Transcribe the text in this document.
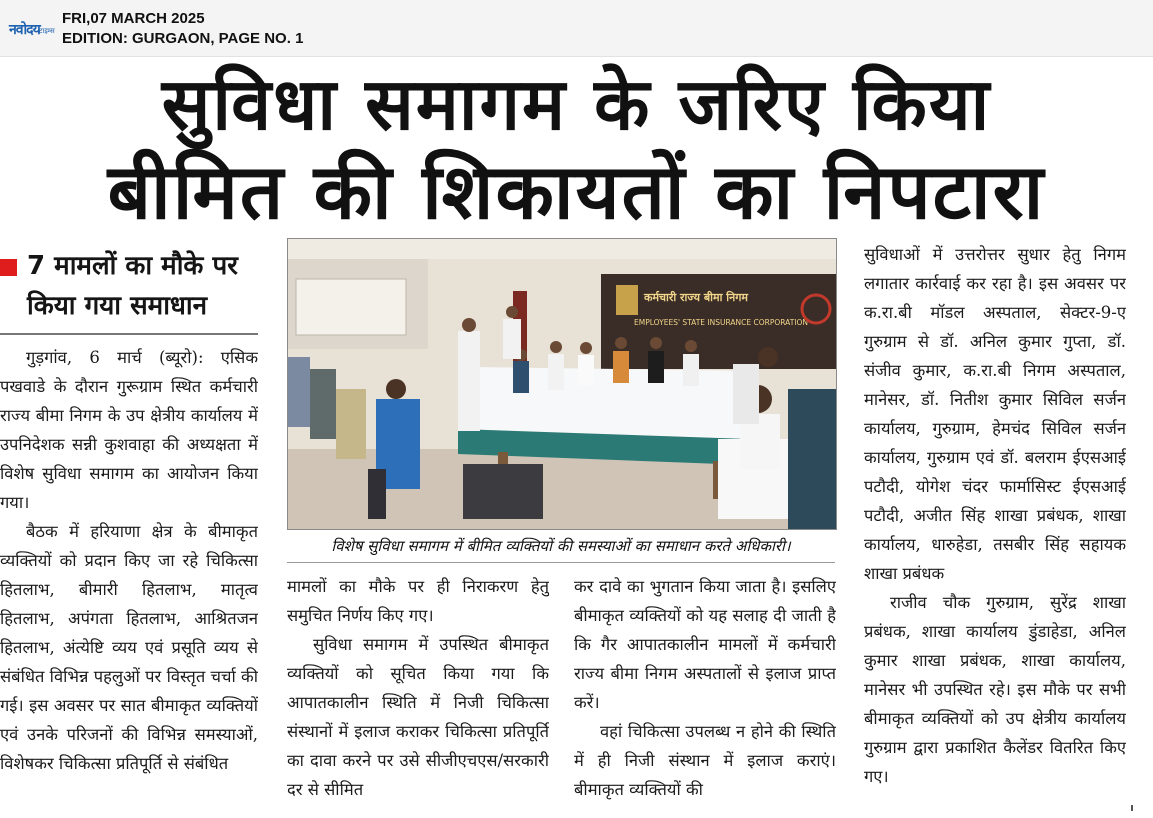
नवोदय टाइम्स
FRI,07 MARCH 2025
EDITION: GURGAON, PAGE NO. 1
सुविधा समागम के जरिए किया
बीमित की शिकायतों का निपटारा
7 मामलों का मौके पर
किया गया समाधान

गुड़गांव, 6 मार्च (ब्यूरो): एसिक पखवाडे के दौरान गुरूग्राम स्थित कर्मचारी राज्य बीमा निगम के उप क्षेत्रीय कार्यालय में उपनिदेशक सन्नी कुशवाहा की अध्यक्षता में विशेष सुविधा समागम का आयोजन किया गया।

बैठक में हरियाणा क्षेत्र के बीमाकृत व्यक्तियों को प्रदान किए जा रहे चिकित्सा हितलाभ, बीमारी हितलाभ, मातृत्व हितलाभ, अपंगता हितलाभ, आश्रितजन हितलाभ, अंत्येष्टि व्यय एवं प्रसूति व्यय से संबंधित विभिन्न पहलुओं पर विस्तृत चर्चा की गई। इस अवसर पर सात बीमाकृत व्यक्तियों एवं उनके परिजनों की विभिन्न समस्याओं, विशेषकर चिकित्सा प्रतिपूर्ति से संबंधित

कर्मचारी राज्य बीमा निगम
EMPLOYEES' STATE INSURANCE CORPORATION
विशेष सुविधा समागम में बीमित व्यक्तियों की समस्याओं का समाधान करते अधिकारी।

मामलों का मौके पर ही निराकरण हेतु समुचित निर्णय किए गए।

सुविधा समागम में उपस्थित बीमाकृत व्यक्तियों को सूचित किया गया कि आपातकालीन स्थिति में निजी चिकित्सा संस्थानों में इलाज कराकर चिकित्सा प्रतिपूर्ति का दावा करने पर उसे सीजीएचएस/सरकारी दर से सीमित

कर दावे का भुगतान किया जाता है। इसलिए बीमाकृत व्यक्तियों को यह सलाह दी जाती है कि गैर आपातकालीन मामलों में कर्मचारी राज्य बीमा निगम अस्पतालों से इलाज प्राप्त करें।

वहां चिकित्सा उपलब्ध न होने की स्थिति में ही निजी संस्थान में इलाज कराएं। बीमाकृत व्यक्तियों की

सुविधाओं में उत्तरोत्तर सुधार हेतु निगम लगातार कार्रवाई कर रहा है। इस अवसर पर क.रा.बी मॉडल अस्पताल, सेक्टर-9-ए गुरुग्राम से डॉ. अनिल कुमार गुप्ता, डॉ. संजीव कुमार, क.रा.बी निगम अस्पताल, मानेसर, डॉ. नितीश कुमार सिविल सर्जन कार्यालय, गुरुग्राम, हेमचंद सिविल सर्जन कार्यालय, गुरुग्राम एवं डॉ. बलराम ईएसआई पटौदी, योगेश चंदर फार्मासिस्ट ईएसआई पटौदी, अजीत सिंह शाखा प्रबंधक, शाखा कार्यालय, धारुहेडा, तसबीर सिंह सहायक शाखा प्रबंधक

राजीव चौक गुरुग्राम, सुरेंद्र शाखा प्रबंधक, शाखा कार्यालय डुंडाहेडा, अनिल कुमार शाखा प्रबंधक, शाखा कार्यालय, मानेसर भी उपस्थित रहे। इस मौके पर सभी बीमाकृत व्यक्तियों को उप क्षेत्रीय कार्यालय गुरुग्राम द्वारा प्रकाशित कैलेंडर वितरित किए गए।
